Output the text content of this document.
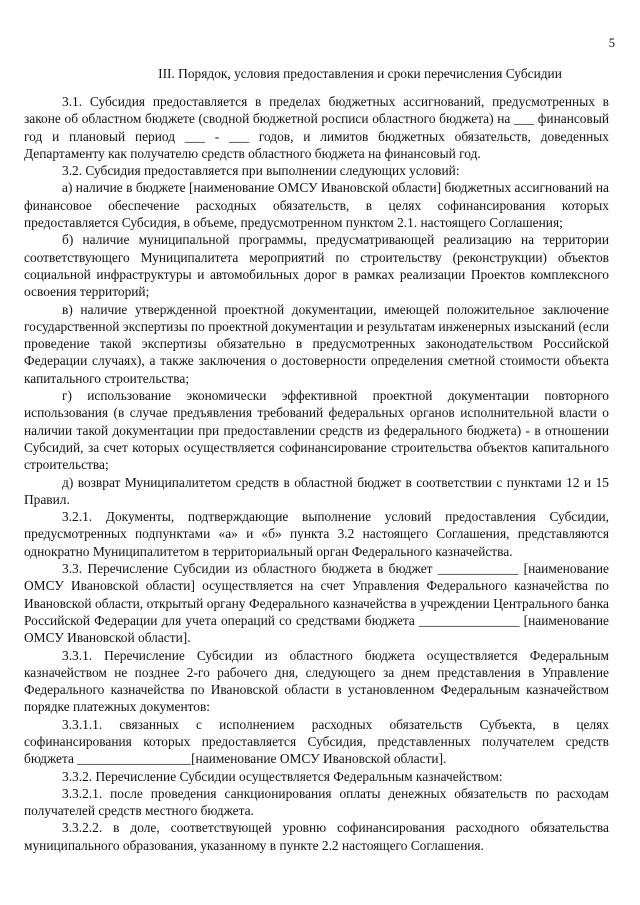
5
III. Порядок, условия предоставления и сроки перечисления Субсидии

3.1. Субсидия предоставляется в пределах бюджетных ассигнований, предусмотренных в законе об областном бюджете (сводной бюджетной росписи областного бюджета) на ___ финансовый год и плановый период ___ - ___ годов, и лимитов бюджетных обязательств, доведенных Департаменту как получателю средств областного бюджета на финансовый год.

3.2. Субсидия предоставляется при выполнении следующих условий:

а) наличие в бюджете [наименование ОМСУ Ивановской области] бюджетных ассигнований на финансовое обеспечение расходных обязательств, в целях софинансирования которых предоставляется Субсидия, в объеме, предусмотренном пунктом 2.1. настоящего Соглашения;

б) наличие муниципальной программы, предусматривающей реализацию на территории соответствующего Муниципалитета мероприятий по строительству (реконструкции) объектов социальной инфраструктуры и автомобильных дорог в рамках реализации Проектов комплексного освоения территорий;

в) наличие утвержденной проектной документации, имеющей положительное заключение государственной экспертизы по проектной документации и результатам инженерных изысканий (если проведение такой экспертизы обязательно в предусмотренных законодательством Российской Федерации случаях), а также заключения о достоверности определения сметной стоимости объекта капитального строительства;

г) использование экономически эффективной проектной документации повторного использования (в случае предъявления требований федеральных органов исполнительной власти о наличии такой документации при предоставлении средств из федерального бюджета) - в отношении Субсидий, за счет которых осуществляется софинансирование строительства объектов капитального строительства;

д) возврат Муниципалитетом средств в областной бюджет в соответствии с пунктами 12 и 15 Правил.

3.2.1. Документы, подтверждающие выполнение условий предоставления Субсидии, предусмотренных подпунктами «а» и «б» пункта 3.2 настоящего Соглашения, представляются однократно Муниципалитетом в территориальный орган Федерального казначейства.

3.3. Перечисление Субсидии из областного бюджета в бюджет ____________ [наименование ОМСУ Ивановской области] осуществляется на счет Управления Федерального казначейства по Ивановской области, открытый органу Федерального казначейства в учреждении Центрального банка Российской Федерации для учета операций со средствами бюджета _______________ [наименование ОМСУ Ивановской области].

3.3.1. Перечисление Субсидии из областного бюджета осуществляется Федеральным казначейством не позднее 2-го рабочего дня, следующего за днем представления в Управление Федерального казначейства по Ивановской области в установленном Федеральным казначейством порядке платежных документов:

3.3.1.1. связанных с исполнением расходных обязательств Субъекта, в целях софинансирования которых предоставляется Субсидия, представленных получателем средств бюджета _________________[наименование ОМСУ Ивановской области].

3.3.2. Перечисление Субсидии осуществляется Федеральным казначейством:

3.3.2.1. после проведения санкционирования оплаты денежных обязательств по расходам получателей средств местного бюджета.

3.3.2.2. в доле, соответствующей уровню софинансирования расходного обязательства муниципального образования, указанному в пункте 2.2 настоящего Соглашения.
